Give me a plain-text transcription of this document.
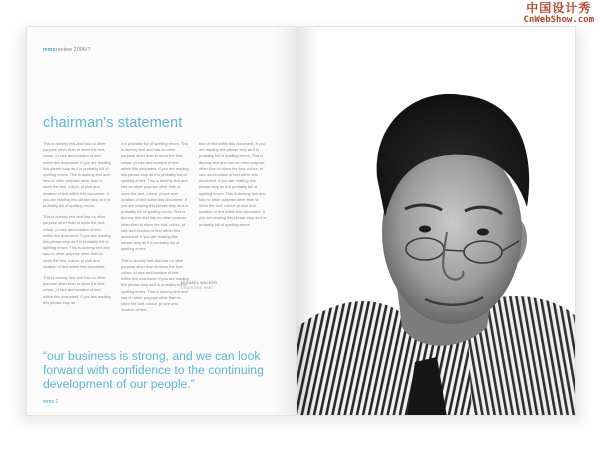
mmoreview 2006/7
chairman's statement

This is dummy text and has no other purpose other than to show the font, colour, pt size and location of text within this document. If you are reading this please stop as it is probably full of spelling errors. This is dummy text and has no other purpose other than to show the font, colour, pt size and location of text within this document. If you are reading this please stop as it is probably full of spelling errors.

This is dummy text and has no other purpose other than to show the font, colour, pt size and location of text within this document. If you are reading this please stop as it is probably full of spelling errors. This is dummy text and has no other purpose other than to show the font, colour, pt size and location of text within this document.

This is dummy text and has no other purpose other than to show the font, colour, pt size and location of text within this document. If you are reading this please stop as

it is probably full of spelling errors. This is dummy text and has no other purpose other than to show the font, colour, pt size and location of text within this document. If you are reading this please stop as it is probably full of spelling errors. This is dummy text and has no other purpose other than to show the font, colour, pt size and location of text within this document. If you are reading this please stop as it is probably full of spelling errors. This is dummy text and has no other purpose other than to show the font, colour, pt size and location of text within this document. If you are reading this please stop as it is probably full of spelling errors.

This is dummy text and has no other purpose other than to show the font, colour, pt size and location of text within this document. If you are reading this please stop as it is probably full of spelling errors. This is dummy text and has no other purpose other than to show the font, colour, pt size and location of text.

tion of text within this document. If you are reading this please stop as it is probably full of spelling errors. This is dummy text and has no other purpose other than to show the font, colour, pt size and location of text within this document. If you are reading this please stop as it is probably full of spelling errors. This is dummy text and has no other purpose other than to show the font, colour, pt size and location of text within this document. If you are reading this please stop as it is probably full of spelling errors.

MICHAEL WALKER
CHAIRMAN MMO
“our business is strong, and we can look forward with confidence to the continuing development of our people.”
mmo 2
中国设计秀
CnWebShow.com
